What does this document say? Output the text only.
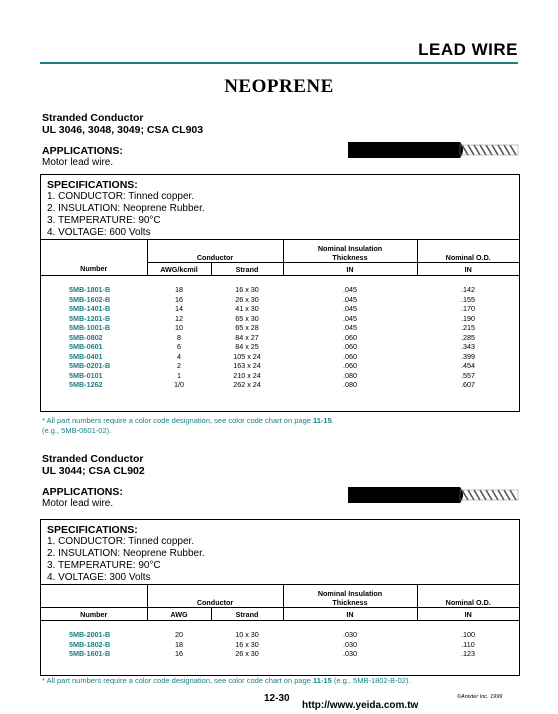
LEAD WIRE
NEOPRENE
Stranded Conductor
UL 3046, 3048, 3049; CSA CL903
APPLICATIONS:
Motor lead wire.
SPECIFICATIONS:
1. CONDUCTOR: Tinned copper.
2. INSULATION: Neoprene Rubber.
3. TEMPERATURE: 90°C
4. VOLTAGE: 600 Volts
	Conductor		Nominal Insulation
Thickness	Nominal O.D.
Number	AWG/kcmil	Strand	IN	IN
5MB-1801-B	18	16 x 30	.045	.142
5MB-1602-B	16	26 x 30	.045	.155
5MB-1401-B	14	41 x 30	.045	.170
5MB-1201-B	12	65 x 30	.045	.190
5MB-1001-B	10	65 x 28	.045	.215
5MB-0802	8	84 x 27	.060	.285
5MB-0601	6	84 x 25	.060	.343
5MB-0401	4	105 x 24	.060	.399
5MB-0201-B	2	163 x 24	.060	.454
5MB-0101	1	210 x 24	.080	.557
5MB-1262	1/0	262 x 24	.080	.607
* All part numbers require a color code designation, see color code chart on page 11-15.
(e.g., 5MB-0601-02).
Stranded Conductor
UL 3044; CSA CL902
APPLICATIONS:
Motor lead wire.
SPECIFICATIONS:
1. CONDUCTOR: Tinned copper.
2. INSULATION: Neoprene Rubber.
3. TEMPERATURE: 90°C
4. VOLTAGE: 300 Volts
	Conductor		Nominal Insulation
Thickness	Nominal O.D.
Number	AWG	Strand	IN	IN
5MB-2001-B	20	10 x 30	.030	.100
5MB-1802-B	18	16 x 30	.030	.110
5MB-1601-B	16	26 x 30	.030	.123
* All part numbers require a color code designation, see color code chart on page 11-15 (e.g., 5MB-1802-B-02).
12-30
http://www.yeida.com.tw
©Anixter Inc. 1999
